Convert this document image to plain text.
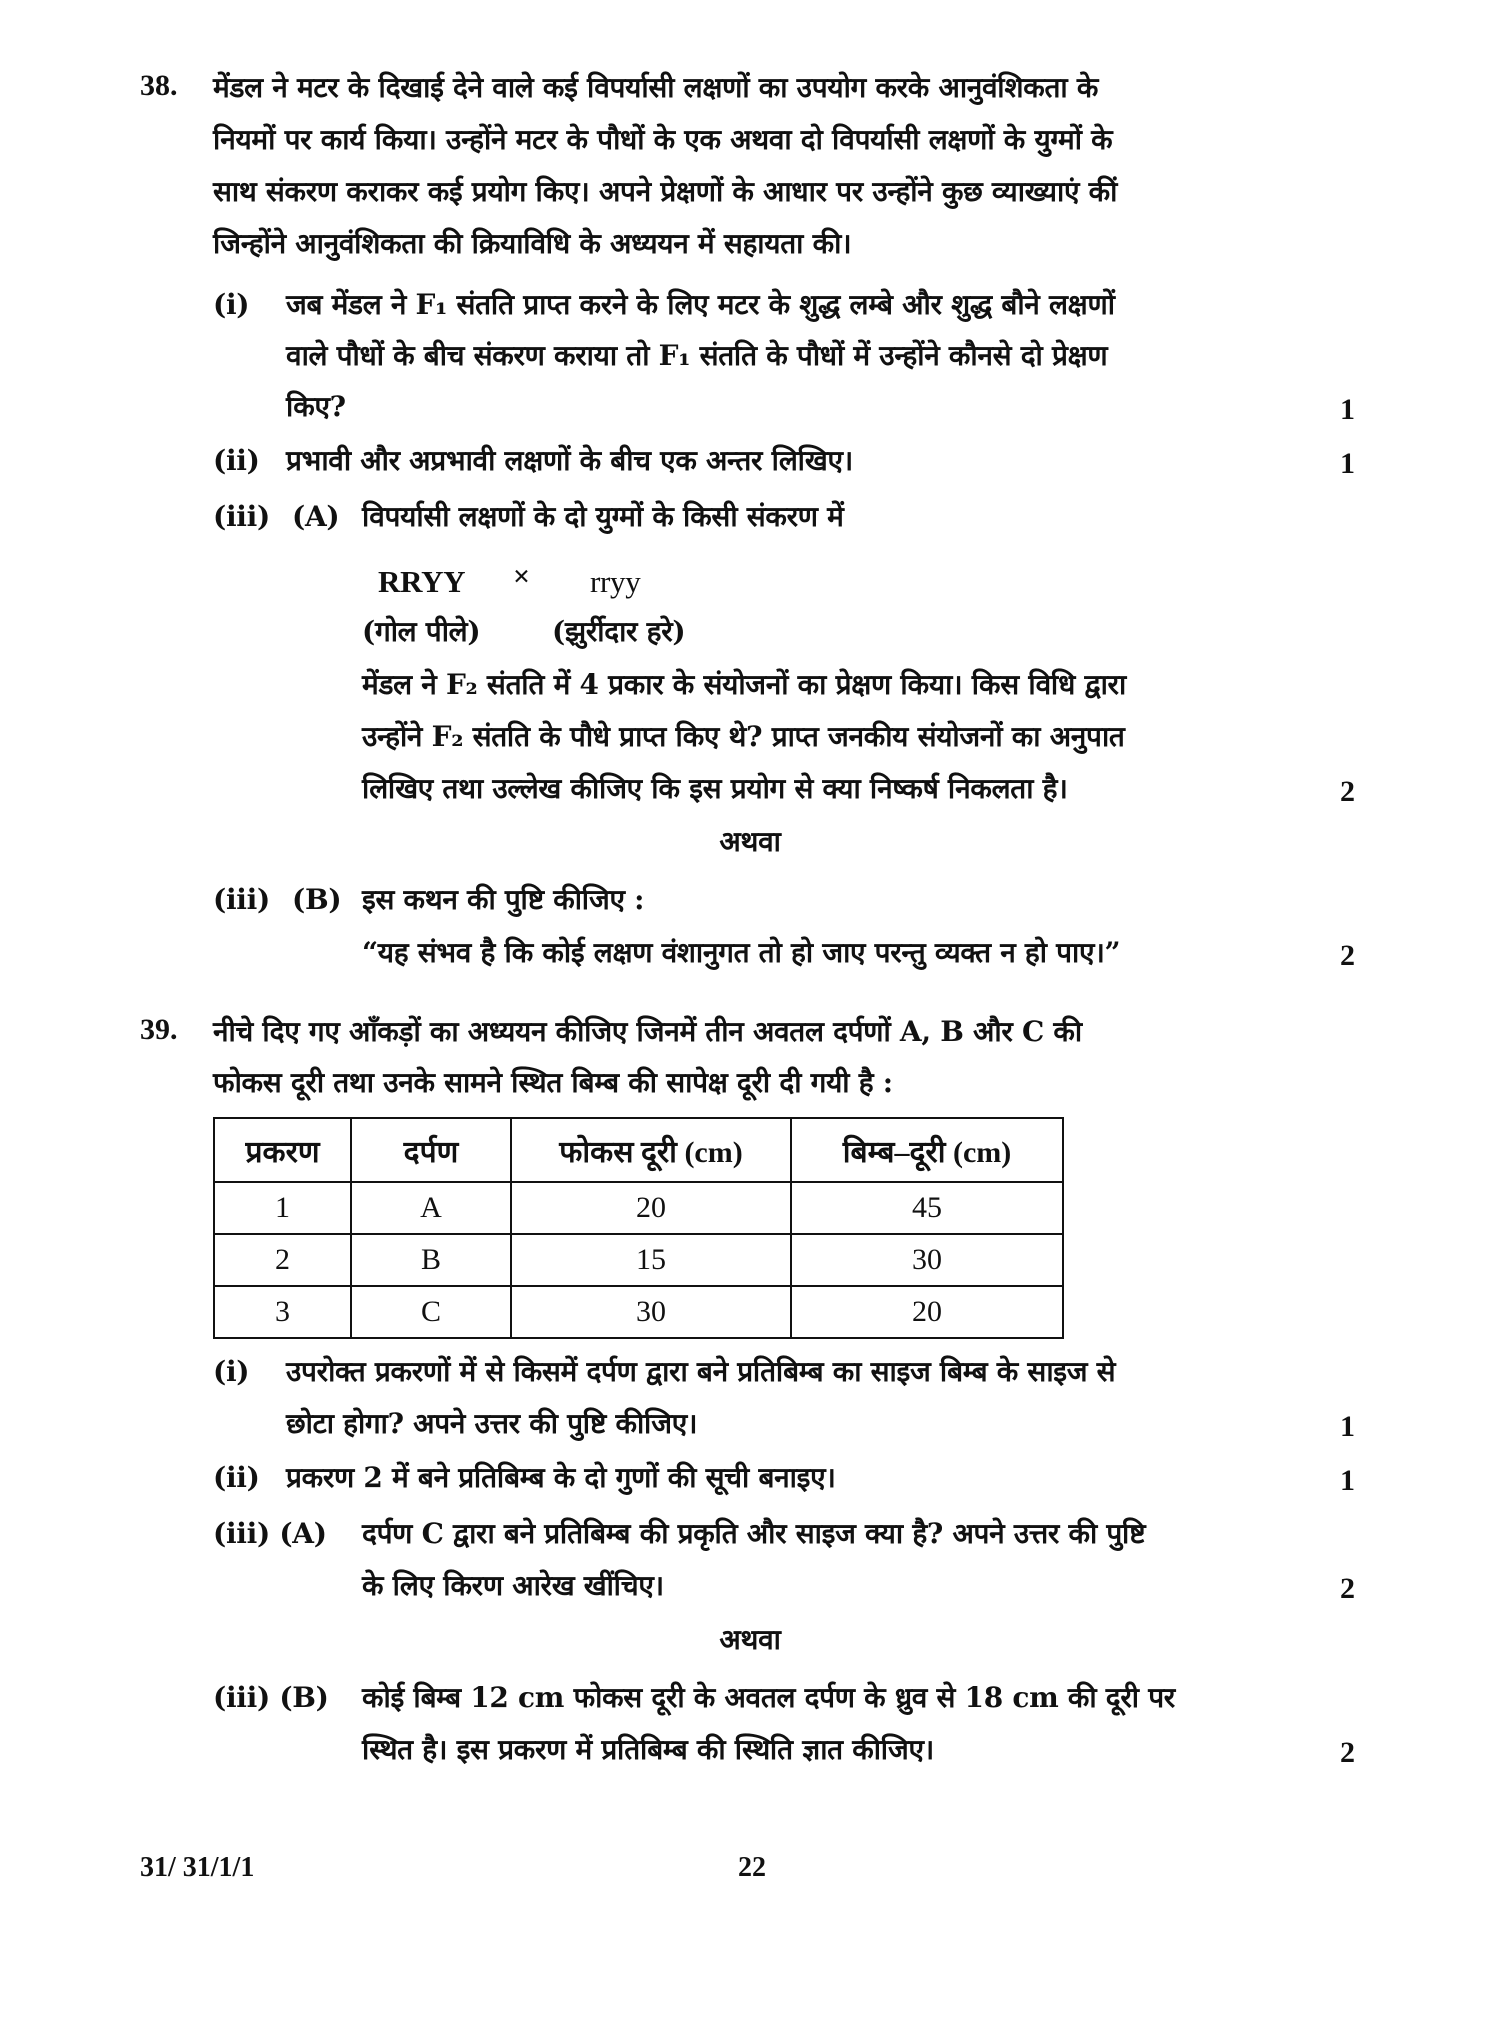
38. मेंडल ने मटर के दिखाई देने वाले कई विपर्यासी लक्षणों का उपयोग करके आनुवंशिकता के
नियमों पर कार्य किया। उन्होंने मटर के पौधों के एक अथवा दो विपर्यासी लक्षणों के युग्मों के
साथ संकरण कराकर कई प्रयोग किए। अपने प्रेक्षणों के आधार पर उन्होंने कुछ व्याख्याएं कीं
जिन्होंने आनुवंशिकता की क्रियाविधि के अध्ययन में सहायता की।
(i) जब मेंडल ने F₁ संतति प्राप्त करने के लिए मटर के शुद्ध लम्बे और शुद्ध बौने लक्षणों
वाले पौधों के बीच संकरण कराया तो F₁ संतति के पौधों में उन्होंने कौनसे दो प्रेक्षण
किए?	1
(ii) प्रभावी और अप्रभावी लक्षणों के बीच एक अन्तर लिखिए।	1
(iii) (A) विपर्यासी लक्षणों के दो युग्मों के किसी संकरण में
RRYY × rryy
(गोल पीले)	(झुर्रीदार हरे)
मेंडल ने F₂ संतति में 4 प्रकार के संयोजनों का प्रेक्षण किया। किस विधि द्वारा
उन्होंने F₂ संतति के पौधे प्राप्त किए थे? प्राप्त जनकीय संयोजनों का अनुपात
लिखिए तथा उल्लेख कीजिए कि इस प्रयोग से क्या निष्कर्ष निकलता है।	2
अथवा
(iii) (B) इस कथन की पुष्टि कीजिए :
“यह संभव है कि कोई लक्षण वंशानुगत तो हो जाए परन्तु व्यक्त न हो पाए।”	2
39. नीचे दिए गए आँकड़ों का अध्ययन कीजिए जिनमें तीन अवतल दर्पणों A, B और C की
फोकस दूरी तथा उनके सामने स्थित बिम्ब की सापेक्ष दूरी दी गयी है :
प्रकरण	दर्पण	फोकस दूरी (cm)	बिम्ब–दूरी (cm)
1	A	20	45
2	B	15	30
3	C	30	20
(i) उपरोक्त प्रकरणों में से किसमें दर्पण द्वारा बने प्रतिबिम्ब का साइज बिम्ब के साइज से
छोटा होगा? अपने उत्तर की पुष्टि कीजिए।	1
(ii) प्रकरण 2 में बने प्रतिबिम्ब के दो गुणों की सूची बनाइए।	1
(iii) (A) दर्पण C द्वारा बने प्रतिबिम्ब की प्रकृति और साइज क्या है? अपने उत्तर की पुष्टि
के लिए किरण आरेख खींचिए।	2
अथवा
(iii) (B) कोई बिम्ब 12 cm फोकस दूरी के अवतल दर्पण के ध्रुव से 18 cm की दूरी पर
स्थित है। इस प्रकरण में प्रतिबिम्ब की स्थिति ज्ञात कीजिए।	2
31/ 31/1/1	22
